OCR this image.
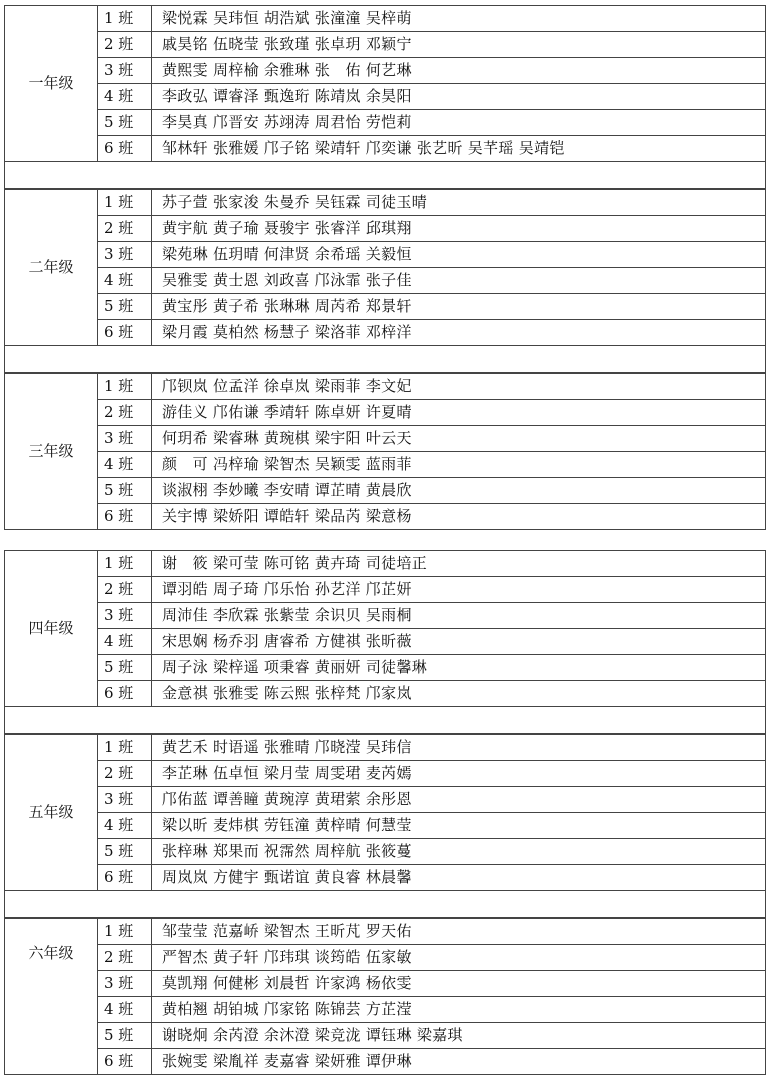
一年级	1 班	梁悦霖 吴玮恒 胡浩斌 张潼潼 吴梓萌
	2 班	戚昊铭 伍晓莹 张致瑾 张卓玥 邓颖宁
	3 班	黄熙雯 周梓榆 余雅琳 张　佑 何艺琳
	4 班	李政弘 谭睿泽 甄逸珩 陈靖岚 余昊阳
	5 班	李昊真 邝晋安 苏翊涛 周君怡 劳恺莉
	6 班	邹林轩 张雅媛 邝子铭 梁靖轩 邝奕谦 张艺昕 吴芊瑶 吴靖铠
二年级	1 班	苏子萱 张家浚 朱曼乔 吴钰霖 司徒玉晴
	2 班	黄宇航 黄子瑜 聂骏宇 张睿洋 邱琪翔
	3 班	梁苑琳 伍玥晴 何津贤 余希瑶 关毅恒
	4 班	吴雅雯 黄士恩 刘政喜 邝泳霏 张子佳
	5 班	黄宝彤 黄子希 张琳琳 周芮希 郑景轩
	6 班	梁月霞 莫柏然 杨慧子 梁洛菲 邓梓洋
三年级	1 班	邝钡岚 位孟洋 徐卓岚 梁雨菲 李文妃
	2 班	游佳义 邝佑谦 季靖轩 陈卓妍 许夏晴
	3 班	何玥希 梁睿琳 黄琬棋 梁宇阳 叶云天
	4 班	颜　可 冯梓瑜 梁智杰 吴颖雯 蓝雨菲
	5 班	谈淑栩 李妙曦 李安晴 谭芷晴 黄晨欣
	6 班	关宇博 梁娇阳 谭皓轩 梁品芮 梁意杨
四年级	1 班	谢　筱 梁可莹 陈可铭 黄卉琦 司徒培正
	2 班	谭羽皓 周子琦 邝乐怡 孙艺洋 邝芷妍
	3 班	周沛佳 李欣霖 张紫莹 余识贝 吴雨桐
	4 班	宋思娴 杨乔羽 唐睿希 方健祺 张昕薇
	5 班	周子泳 梁梓遥 项秉睿 黄丽妍 司徒馨琳
	6 班	金意祺 张雅雯 陈云熙 张梓梵 邝家岚
五年级	1 班	黄艺禾 时语遥 张雅晴 邝晓滢 吴玮信
	2 班	李芷琳 伍卓恒 梁月莹 周雯珺 麦芮嫣
	3 班	邝佑蓝 谭善瞳 黄琬淳 黄珺萦 余彤恩
	4 班	梁以昕 麦炜棋 劳钰潼 黄梓晴 何慧莹
	5 班	张梓琳 郑果而 祝霈然 周梓航 张筱蔓
	6 班	周岚岚 方健宇 甄诺谊 黄良睿 林晨馨
六年级	1 班	邹莹莹 范嘉峤 梁智杰 王昕芃 罗天佑
	2 班	严智杰 黄子轩 邝玮琪 谈筠皓 伍家敏
	3 班	莫凯翔 何健彬 刘晨哲 许家鸿 杨依雯
	4 班	黄柏翘 胡铂城 邝家铭 陈锦芸 方芷滢
	5 班	谢晓炯 余芮澄 余沐澄 梁竞泷 谭钰琳 梁嘉琪
	6 班	张婉雯 梁胤祥 麦嘉睿 梁妍雅 谭伊琳
